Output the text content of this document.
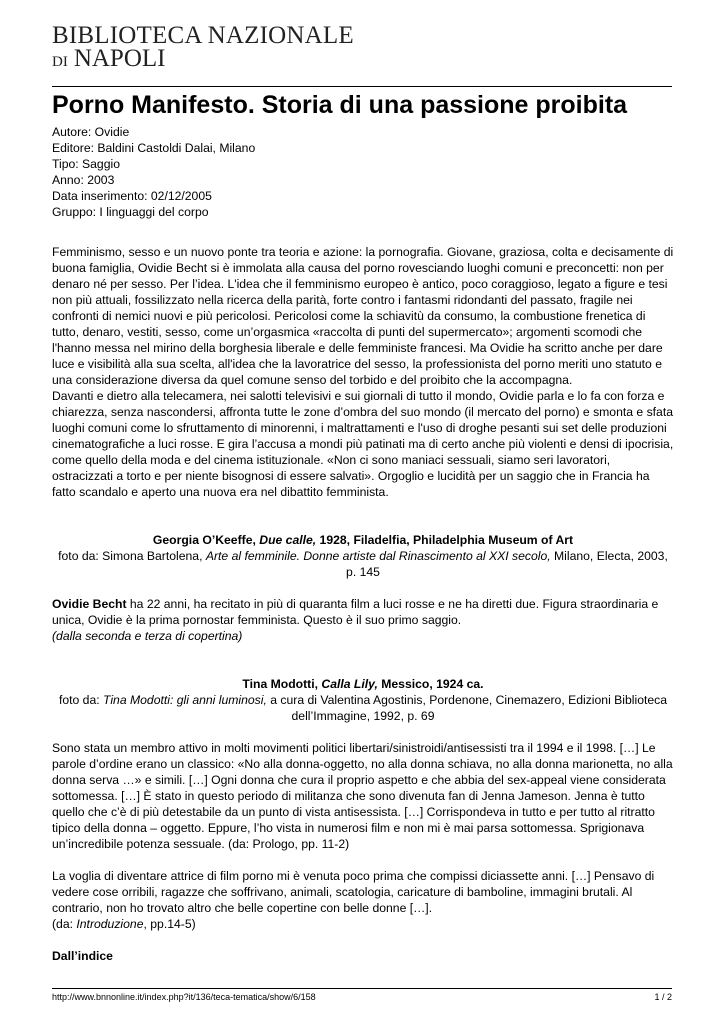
BIBLIOTECA NAZIONALE
DI NAPOLI
Porno Manifesto. Storia di una passione proibita
Autore: Ovidie
Editore: Baldini Castoldi Dalai, Milano
Tipo: Saggio
Anno: 2003
Data inserimento: 02/12/2005
Gruppo: I linguaggi del corpo

Femminismo, sesso e un nuovo ponte tra teoria e azione: la pornografia. Giovane, graziosa, colta e decisamente di buona famiglia, Ovidie Becht si è immolata alla causa del porno rovesciando luoghi comuni e preconcetti: non per denaro né per sesso. Per l’idea. L'idea che il femminismo europeo è antico, poco coraggioso, legato a figure e tesi non più attuali, fossilizzato nella ricerca della parità, forte contro i fantasmi ridondanti del passato, fragile nei confronti di nemici nuovi e più pericolosi. Pericolosi come la schiavitù da consumo, la combustione frenetica di tutto, denaro, vestiti, sesso, come un’orgasmica «raccolta di punti del supermercato»; argomenti scomodi che l'hanno messa nel mirino della borghesia liberale e delle femministe francesi. Ma Ovidie ha scritto anche per dare luce e visibilità alla sua scelta, all'idea che la lavoratrice del sesso, la professionista del porno meriti uno statuto e una considerazione diversa da quel comune senso del torbido e del proibito che la accompagna.

Davanti e dietro alla telecamera, nei salotti televisivi e sui giornali di tutto il mondo, Ovidie parla e lo fa con forza e chiarezza, senza nascondersi, affronta tutte le zone d’ombra del suo mondo (il mercato del porno) e smonta e sfata luoghi comuni come lo sfruttamento di minorenni, i maltrattamenti e l'uso di droghe pesanti sui set delle produzioni cinematografiche a luci rosse. E gira l’accusa a mondi più patinati ma di certo anche più violenti e densi di ipocrisia, come quello della moda e del cinema istituzionale. «Non ci sono maniaci sessuali, siamo seri lavoratori, ostracizzati a torto e per niente bisognosi di essere salvati». Orgoglio e lucidità per un saggio che in Francia ha fatto scandalo e aperto una nuova era nel dibattito femminista.

Georgia O’Keeffe, Due calle, 1928, Filadelfia, Philadelphia Museum of Art
foto da: Simona Bartolena, Arte al femminile. Donne artiste dal Rinascimento al XXI secolo, Milano, Electa, 2003, p. 145

Ovidie Becht ha 22 anni, ha recitato in più di quaranta film a luci rosse e ne ha diretti due. Figura straordinaria e unica, Ovidie è la prima pornostar femminista. Questo è il suo primo saggio.

(dalla seconda e terza di copertina)

Tina Modotti, Calla Lily, Messico, 1924 ca.
foto da: Tina Modotti: gli anni luminosi, a cura di Valentina Agostinis, Pordenone, Cinemazero, Edizioni Biblioteca dell’Immagine, 1992, p. 69

Sono stata un membro attivo in molti movimenti politici libertari/sinistroidi/antisessisti tra il 1994 e il 1998. […] Le parole d’ordine erano un classico: «No alla donna-oggetto, no alla donna schiava, no alla donna marionetta, no alla donna serva …» e simili. […] Ogni donna che cura il proprio aspetto e che abbia del sex-appeal viene considerata sottomessa. […] È stato in questo periodo di militanza che sono divenuta fan di Jenna Jameson. Jenna è tutto quello che c’è di più detestabile da un punto di vista antisessista. […] Corrispondeva in tutto e per tutto al ritratto tipico della donna – oggetto. Eppure, l’ho vista in numerosi film e non mi è mai parsa sottomessa. Sprigionava un’incredibile potenza sessuale. (da: Prologo, pp. 11-2)

La voglia di diventare attrice di film porno mi è venuta poco prima che compissi diciassette anni. […] Pensavo di vedere cose orribili, ragazze che soffrivano, animali, scatologia, caricature di bamboline, immagini brutali. Al contrario, non ho trovato altro che belle copertine con belle donne […].
(da: Introduzione, pp.14-5)

Dall’indice

http://www.bnnonline.it/index.php?it/136/teca-tematica/show/6/158	1 / 2
